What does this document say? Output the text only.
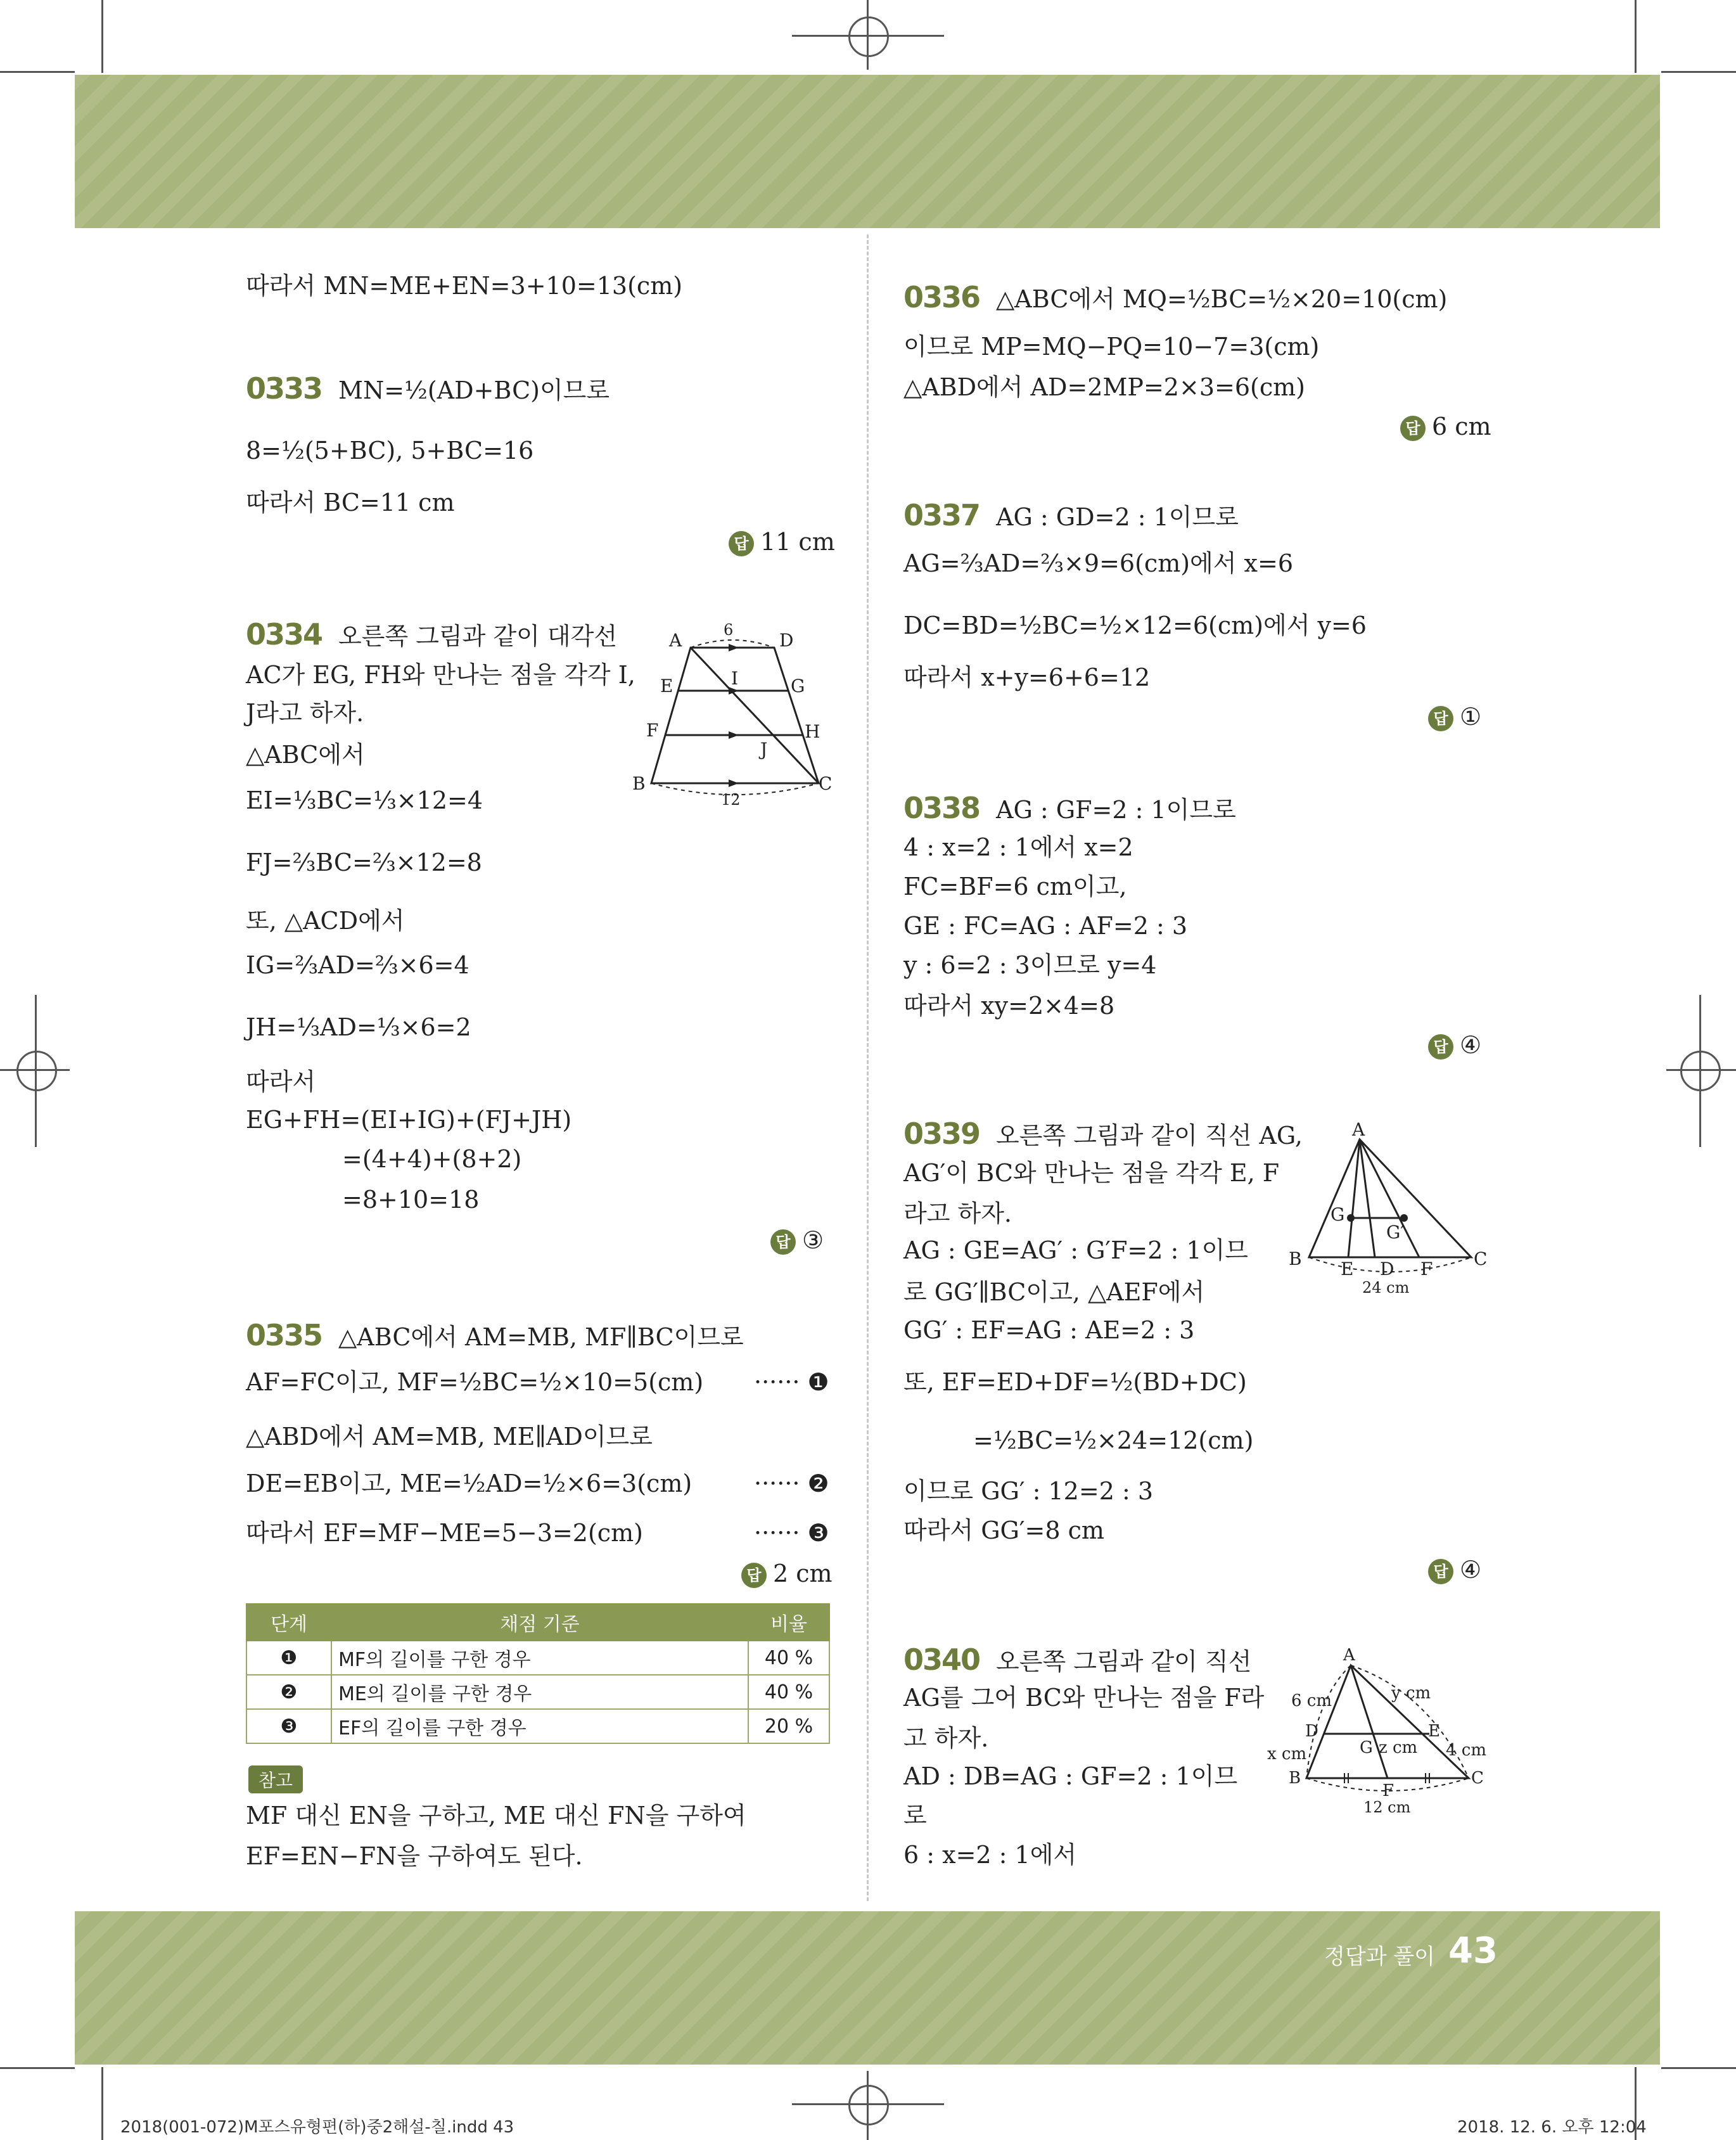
정답과 풀이 43
따라서 MN=ME+EN=3+10=13(cm)
0333 MN=½(AD+BC)이므로
8=½(5+BC), 5+BC=16
따라서 BC=11 cm
답 11 cm
0334 오른쪽 그림과 같이 대각선
AC가 EG, FH와 만나는 점을 각각 I,
J라고 하자.
△ABC에서
EI=⅓BC=⅓×12=4
FJ=⅔BC=⅔×12=8
또, △ACD에서
IG=⅔AD=⅔×6=4
JH=⅓AD=⅓×6=2
따라서
EG+FH=(EI+IG)+(FJ+JH)
=(4+4)+(8+2)
=8+10=18
답 ③
A	D
6
E	I	G
F
J
H
B	C
12
0335 △ABC에서 AM=MB, MF∥BC이므로
AF=FC이고, MF=½BC=½×10=5(cm) ······ ❶
△ABD에서 AM=MB, ME∥AD이므로
DE=EB이고, ME=½AD=½×6=3(cm)	······ ❷
따라서 EF=MF−ME=5−3=2(cm)	······ ❸
답 2 cm
단계	채점 기준	비율
❶	MF의 길이를 구한 경우	40 %
❷	ME의 길이를 구한 경우	40 %
❸	EF의 길이를 구한 경우	20 %
참고
MF 대신 EN을 구하고, ME 대신 FN을 구하여
EF=EN−FN을 구하여도 된다.
0336 △ABC에서 MQ=½BC=½×20=10(cm)
이므로 MP=MQ−PQ=10−7=3(cm)
△ABD에서 AD=2MP=2×3=6(cm)
답 6 cm
0337 AG : GD=2 : 1이므로
AG=⅔AD=⅔×9=6(cm)에서 x=6
DC=BD=½BC=½×12=6(cm)에서 y=6
따라서 x+y=6+6=12
답 ①
0338 AG : GF=2 : 1이므로
4 : x=2 : 1에서 x=2
FC=BF=6 cm이고,
GE : FC=AG : AF=2 : 3
y : 6=2 : 3이므로 y=4
따라서 xy=2×4=8
답 ④
0339 오른쪽 그림과 같이 직선 AG,
AG′이 BC와 만나는 점을 각각 E, F
라고 하자.
AG : GE=AG′ : G′F=2 : 1이므
로 GG′∥BC이고, △AEF에서
GG′ : EF=AG : AE=2 : 3
또, EF=ED+DF=½(BD+DC)
=½BC=½×24=12(cm)
이므로 GG′ : 12=2 : 3
따라서 GG′=8 cm
답 ④
A
G
G′
B E D F C
24 cm
0340 오른쪽 그림과 같이 직선
AG를 그어 BC와 만나는 점을 F라
고 하자.
AD : DB=AG : GF=2 : 1이므
로
6 : x=2 : 1에서
A
6 cm	y cm
D	E
G z cm
x cm	4 cm
B
F
C
12 cm
2018(001-072)M포스유형편(하)중2해설-칠.indd 43	2018. 12. 6. 오후 12:04
